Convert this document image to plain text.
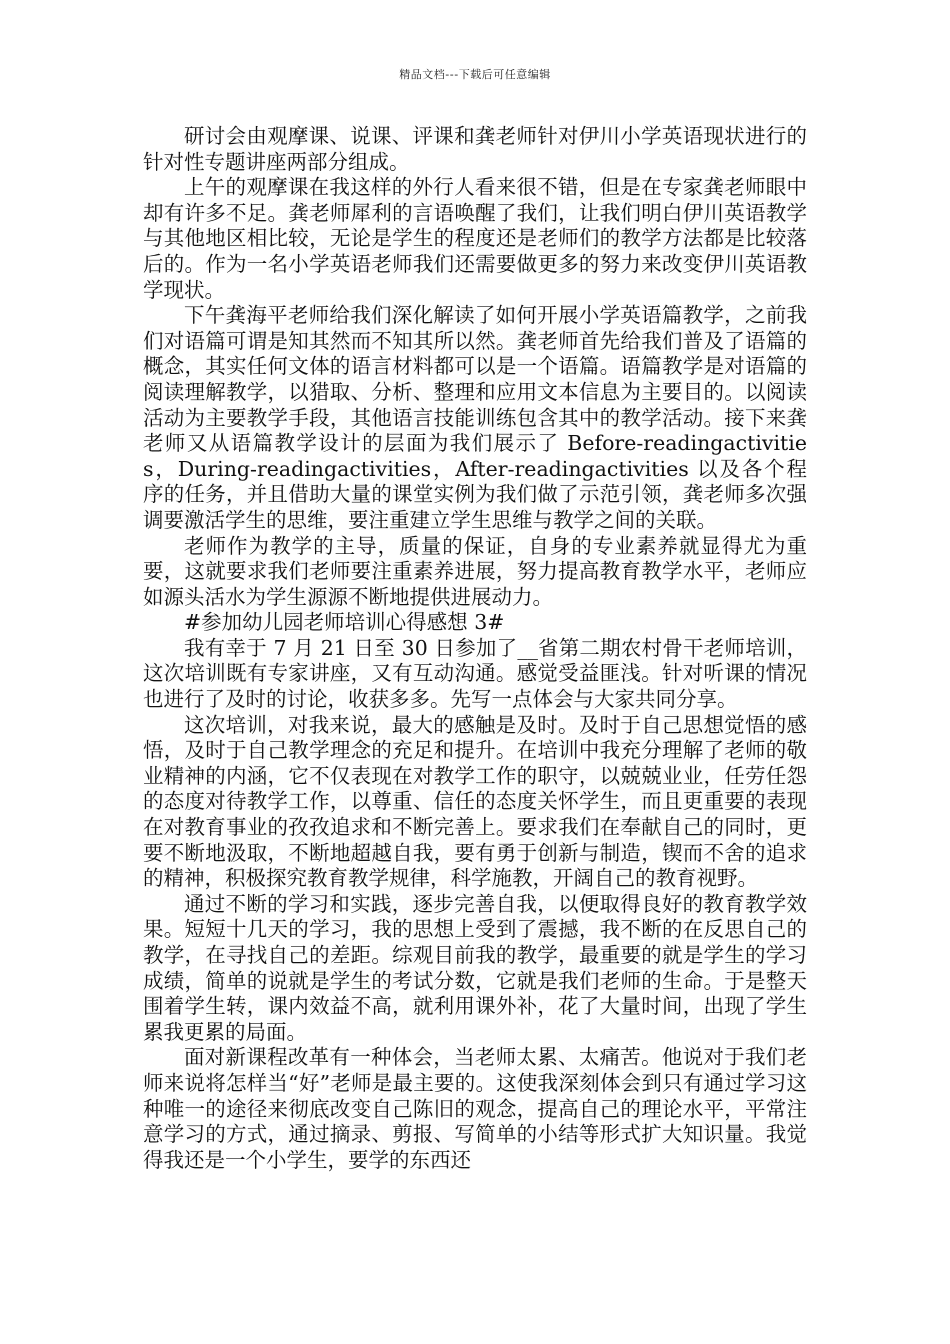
精品文档---下载后可任意编辑

研讨会由观摩课、说课、评课和龚老师针对伊川小学英语现状进行的针对性专题讲座两部分组成。

上午的观摩课在我这样的外行人看来很不错，但是在专家龚老师眼中却有许多不足。龚老师犀利的言语唤醒了我们，让我们明白伊川英语教学与其他地区相比较，无论是学生的程度还是老师们的教学方法都是比较落后的。作为一名小学英语老师我们还需要做更多的努力来改变伊川英语教学现状。

下午龚海平老师给我们深化解读了如何开展小学英语篇教学，之前我们对语篇可谓是知其然而不知其所以然。龚老师首先给我们普及了语篇的概念，其实任何文体的语言材料都可以是一个语篇。语篇教学是对语篇的阅读理解教学，以猎取、分析、整理和应用文本信息为主要目的。以阅读活动为主要教学手段，其他语言技能训练包含其中的教学活动。接下来龚老师又从语篇教学设计的层面为我们展示了 Before-readingactivities，During-readingactivities，After-readingactivities 以及各个程序的任务，并且借助大量的课堂实例为我们做了示范引领，龚老师多次强调要激活学生的思维，要注重建立学生思维与教学之间的关联。

老师作为教学的主导，质量的保证，自身的专业素养就显得尤为重要，这就要求我们老师要注重素养进展，努力提高教育教学水平，老师应如源头活水为学生源源不断地提供进展动力。

#参加幼儿园老师培训心得感想 3#

我有幸于 7 月 21 日至 30 日参加了__省第二期农村骨干老师培训，这次培训既有专家讲座，又有互动沟通。感觉受益匪浅。针对听课的情况也进行了及时的讨论，收获多多。先写一点体会与大家共同分享。

这次培训，对我来说，最大的感触是及时。及时于自己思想觉悟的感悟，及时于自己教学理念的充足和提升。在培训中我充分理解了老师的敬业精神的内涵，它不仅表现在对教学工作的职守，以兢兢业业，任劳任怨的态度对待教学工作，以尊重、信任的态度关怀学生，而且更重要的表现在对教育事业的孜孜追求和不断完善上。要求我们在奉献自己的同时，更要不断地汲取，不断地超越自我，要有勇于创新与制造，锲而不舍的追求的精神，积极探究教育教学规律，科学施教，开阔自己的教育视野。

通过不断的学习和实践，逐步完善自我，以便取得良好的教育教学效果。短短十几天的学习，我的思想上受到了震撼，我不断的在反思自己的教学，在寻找自己的差距。综观目前我的教学，最重要的就是学生的学习成绩，简单的说就是学生的考试分数，它就是我们老师的生命。于是整天围着学生转，课内效益不高，就利用课外补，花了大量时间，出现了学生累我更累的局面。

面对新课程改革有一种体会，当老师太累、太痛苦。他说对于我们老师来说将怎样当“好”老师是最主要的。这使我深刻体会到只有通过学习这种唯一的途径来彻底改变自己陈旧的观念，提高自己的理论水平，平常注意学习的方式，通过摘录、剪报、写简单的小结等形式扩大知识量。我觉得我还是一个小学生，要学的东西还
